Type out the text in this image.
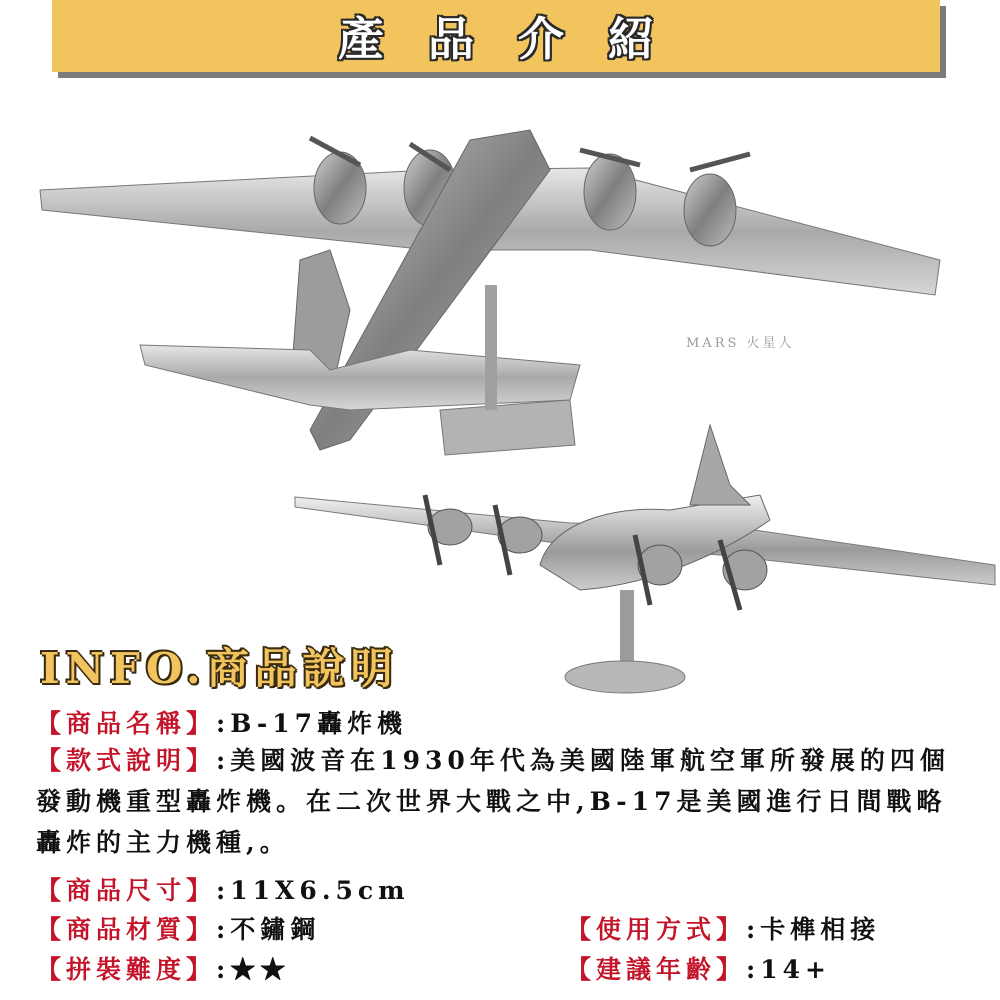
產品介紹
MARS 火星人
INFO.商品說明
【商品名稱】:B-17轟炸機
【款式說明】:美國波音在1930年代為美國陸軍航空軍所發展的四個發動機重型轟炸機。在二次世界大戰之中,B-17是美國進行日間戰略轟炸的主力機種,。
【商品尺寸】:11X6.5cm
【商品材質】:不鏽鋼	【使用方式】:卡榫相接
【拼裝難度】:★★	【建議年齡】:14+
